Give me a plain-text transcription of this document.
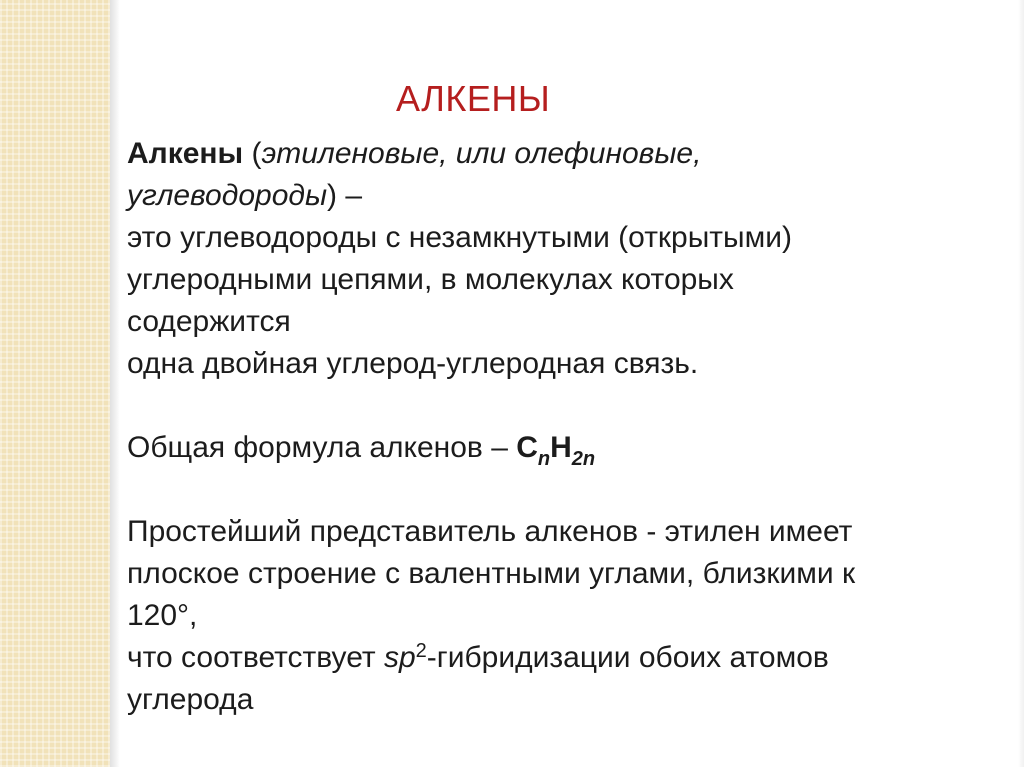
АЛКЕНЫ
Алкены (этиленовые, или олефиновые,
углеводороды) –
это углеводороды с незамкнутыми (открытыми)
углеродными цепями, в молекулах которых
содержится
одна двойная углерод-углеродная связь.
Общая формула алкенов – $C_nH_{2n}$
Простейший представитель алкенов - этилен имеет
плоское строение с валентными углами, близкими к
120°,
что соответствует $sp^2$-гибридизации обоих атомов
углерода
